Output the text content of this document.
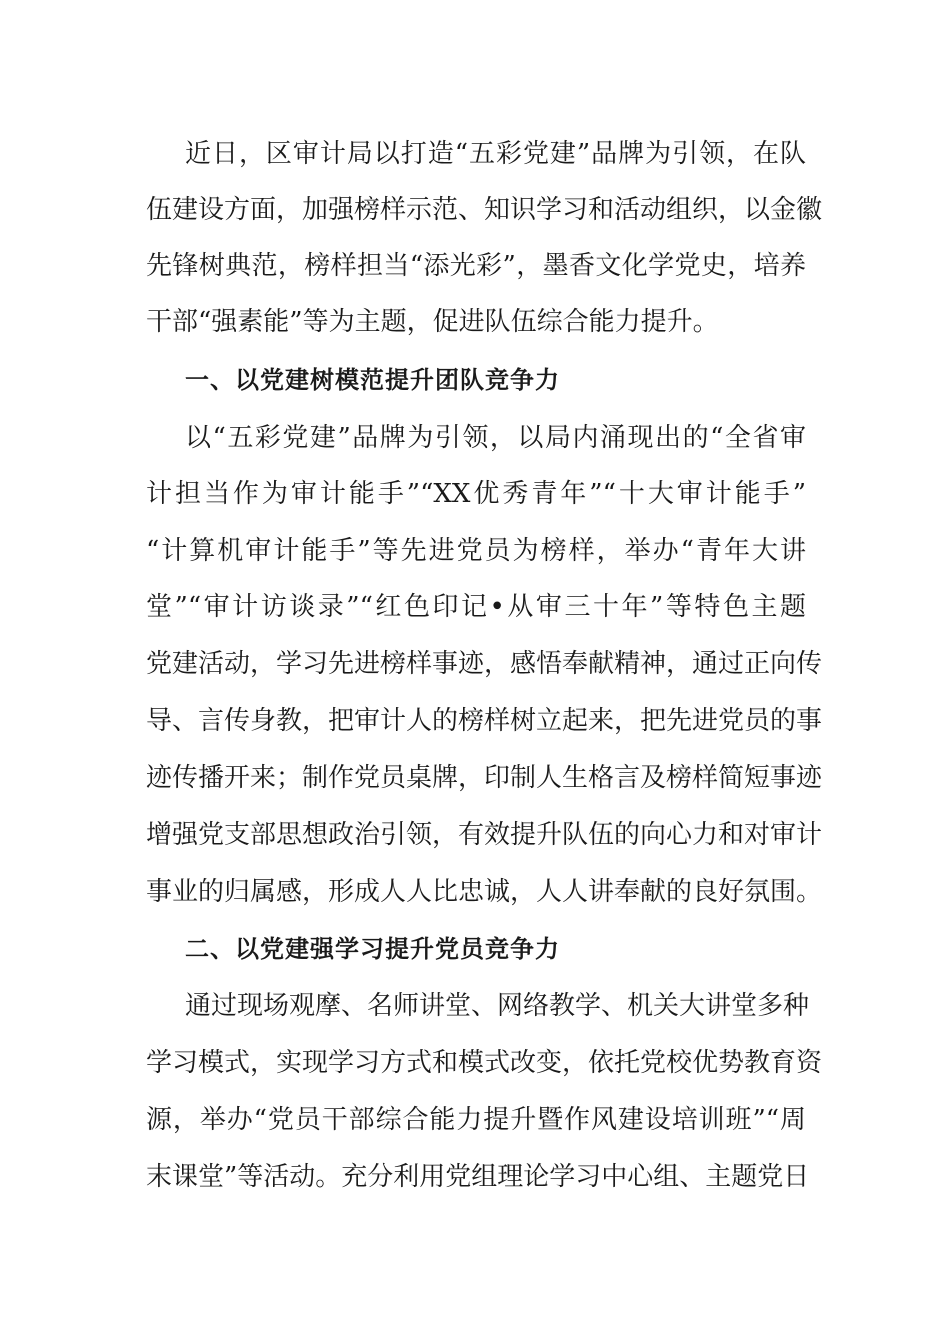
近日，区审计局以打造“五彩党建”品牌为引领，在队
伍建设方面，加强榜样示范、知识学习和活动组织，以金徽
先锋树典范，榜样担当“添光彩”，墨香文化学党史，培养
干部“强素能”等为主题，促进队伍综合能力提升。
一、以党建树模范提升团队竞争力
以“五彩党建”品牌为引领，以局内涌现出的“全省审
计担当作为审计能手”“XX优秀青年”“十大审计能手”
“计算机审计能手”等先进党员为榜样，举办“青年大讲
堂”“审计访谈录”“红色印记•从审三十年”等特色主题
党建活动，学习先进榜样事迹，感悟奉献精神，通过正向传
导、言传身教，把审计人的榜样树立起来，把先进党员的事
迹传播开来；制作党员桌牌，印制人生格言及榜样简短事迹
增强党支部思想政治引领，有效提升队伍的向心力和对审计
事业的归属感，形成人人比忠诚，人人讲奉献的良好氛围。
二、以党建强学习提升党员竞争力
通过现场观摩、名师讲堂、网络教学、机关大讲堂多种
学习模式，实现学习方式和模式改变，依托党校优势教育资
源，举办“党员干部综合能力提升暨作风建设培训班”“周
末课堂”等活动。充分利用党组理论学习中心组、主题党日
